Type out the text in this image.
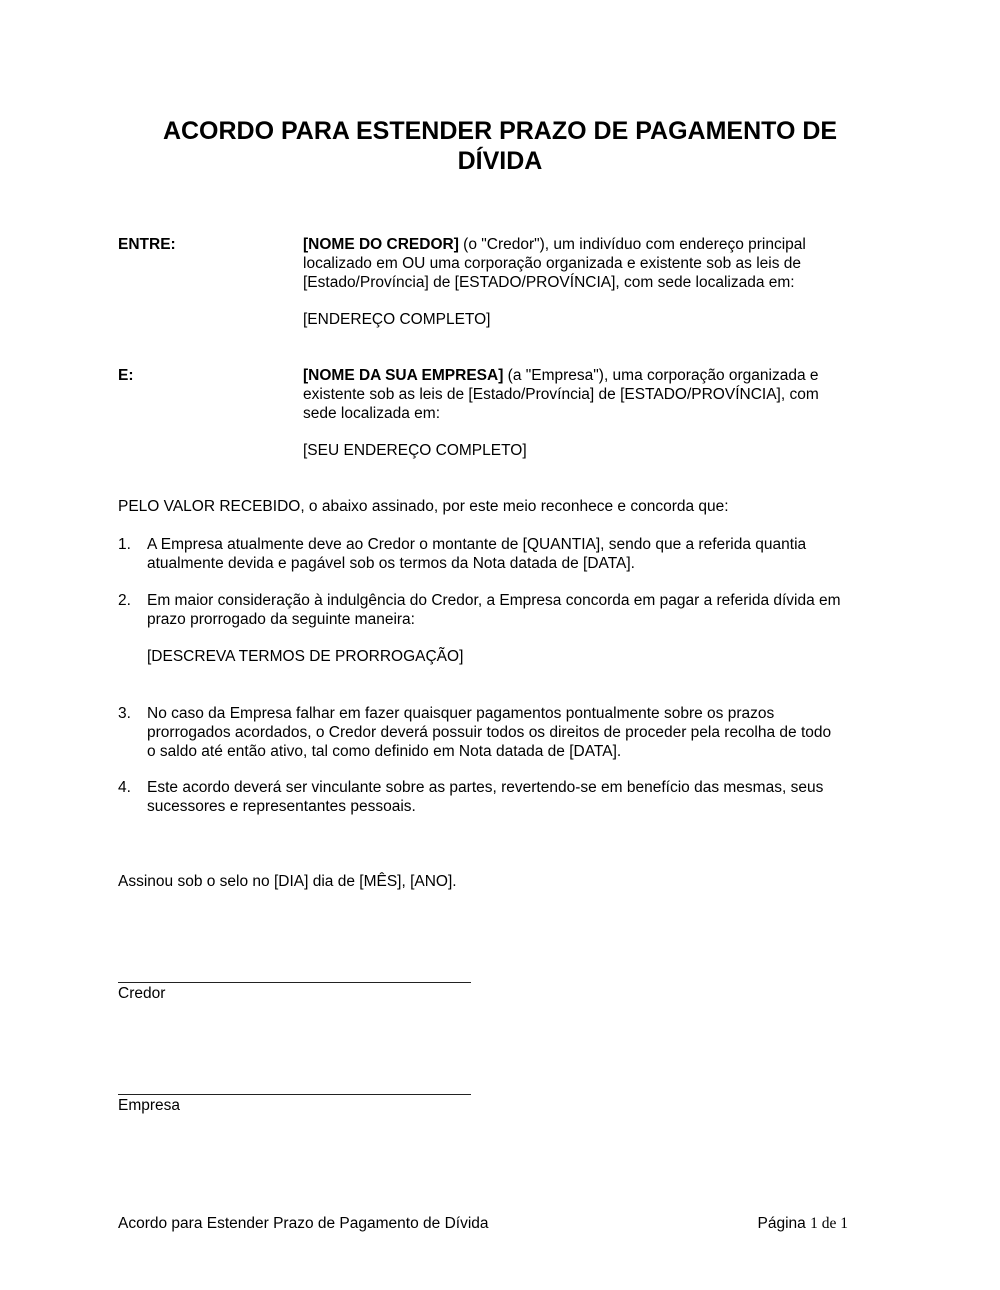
ACORDO PARA ESTENDER PRAZO DE PAGAMENTO DE
DÍVIDA
ENTRE:	[NOME DO CREDOR] (o "Credor"), um indivíduo com endereço principal
localizado em OU uma corporação organizada e existente sob as leis de
[Estado/Província] de [ESTADO/PROVÍNCIA], com sede localizada em:

[ENDEREÇO COMPLETO]

E:	[NOME DA SUA EMPRESA] (a "Empresa"), uma corporação organizada e
existente sob as leis de [Estado/Província] de [ESTADO/PROVÍNCIA], com
sede localizada em:

[SEU ENDEREÇO COMPLETO]

PELO VALOR RECEBIDO, o abaixo assinado, por este meio reconhece e concorda que:

1.	A Empresa atualmente deve ao Credor o montante de [QUANTIA], sendo que a referida quantia
atualmente devida e pagável sob os termos da Nota datada de [DATA].

2.	Em maior consideração à indulgência do Credor, a Empresa concorda em pagar a referida dívida em
prazo prorrogado da seguinte maneira:

[DESCREVA TERMOS DE PRORROGAÇÃO]

3.	No caso da Empresa falhar em fazer quaisquer pagamentos pontualmente sobre os prazos
prorrogados acordados, o Credor deverá possuir todos os direitos de proceder pela recolha de todo
o saldo até então ativo, tal como definido em Nota datada de [DATA].

4.	Este acordo deverá ser vinculante sobre as partes, revertendo-se em benefício das mesmas, seus
sucessores e representantes pessoais.

Assinou sob o selo no [DIA] dia de [MÊS], [ANO].

Credor
Empresa
Acordo para Estender Prazo de Pagamento de Dívida	Página 1 de 1
